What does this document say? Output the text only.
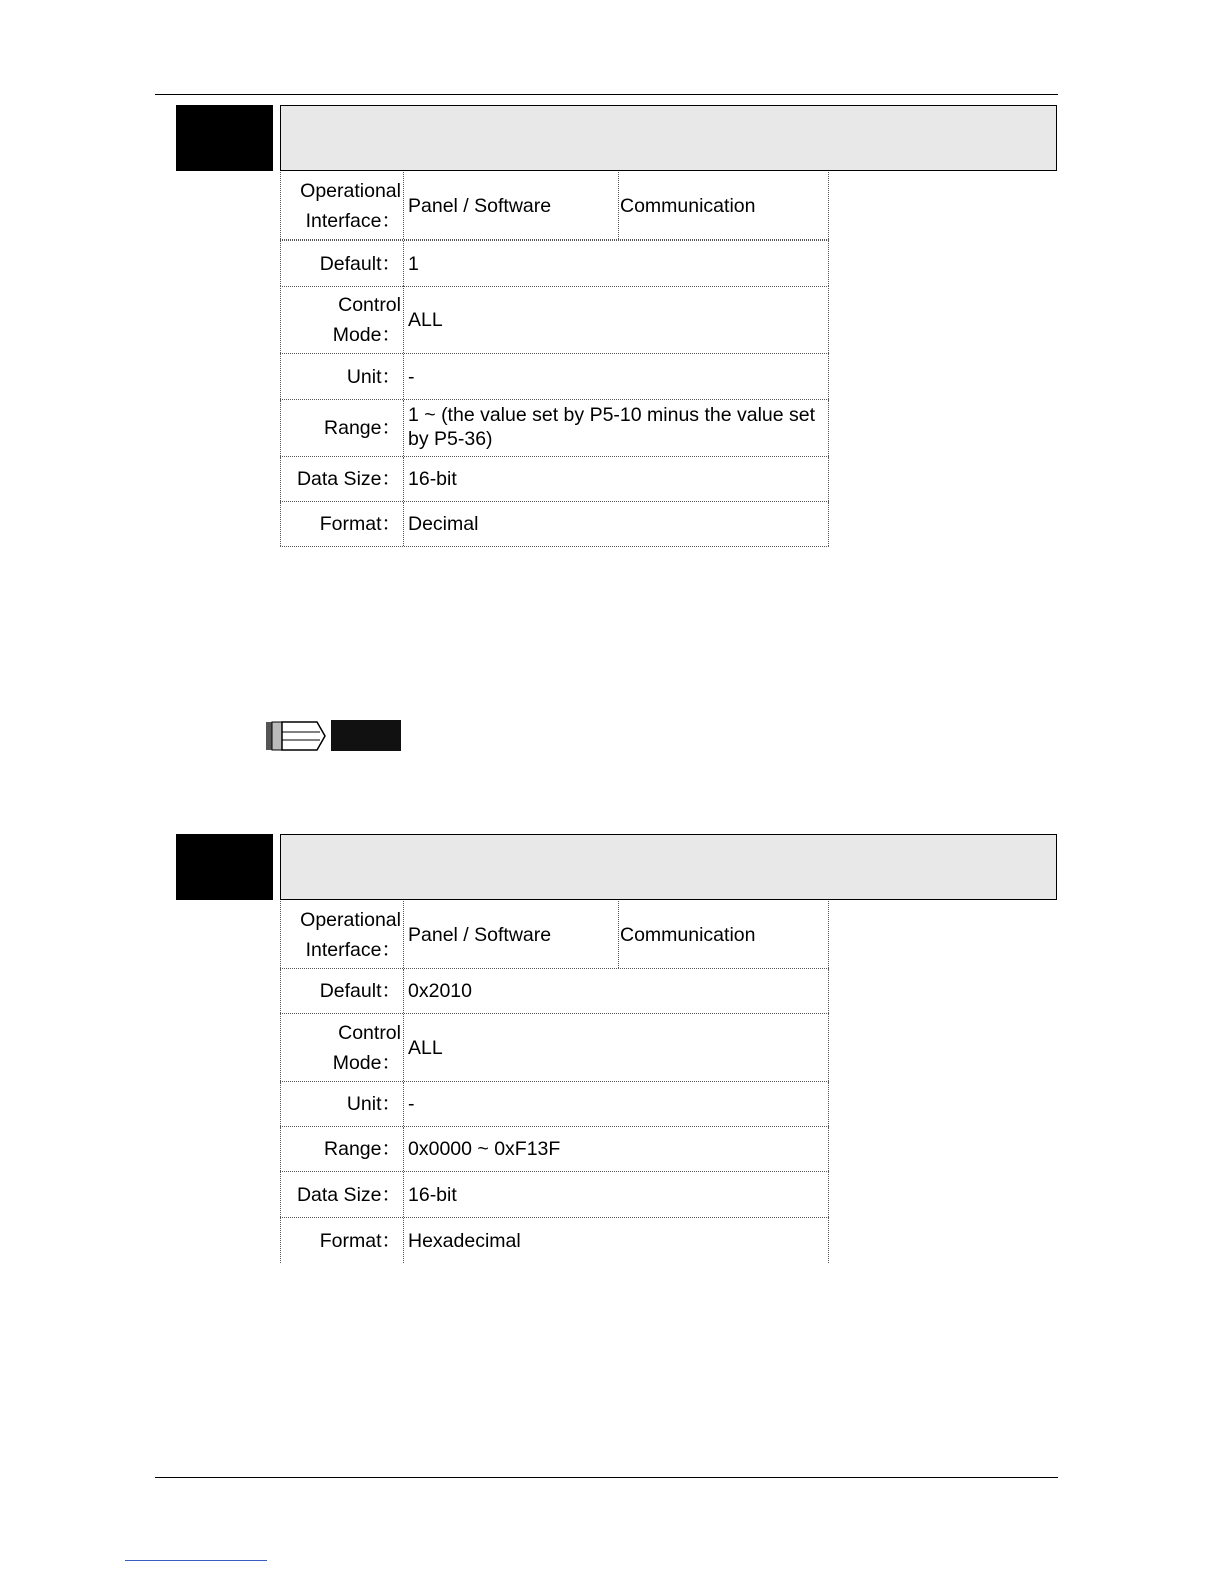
Operational
Interface：
Panel / Software	Communication
Default： 1
Control
Mode：
ALL
Unit： -
Range：
1 ~ (the value set by P5-10 minus the value set by P5-36)
Data Size： 16-bit
Format： Decimal
Operational
Interface：
Panel / Software	Communication
Default： 0x2010
Control
Mode：
ALL
Unit： -
Range： 0x0000 ~ 0xF13F
Data Size： 16-bit
Format： Hexadecimal
